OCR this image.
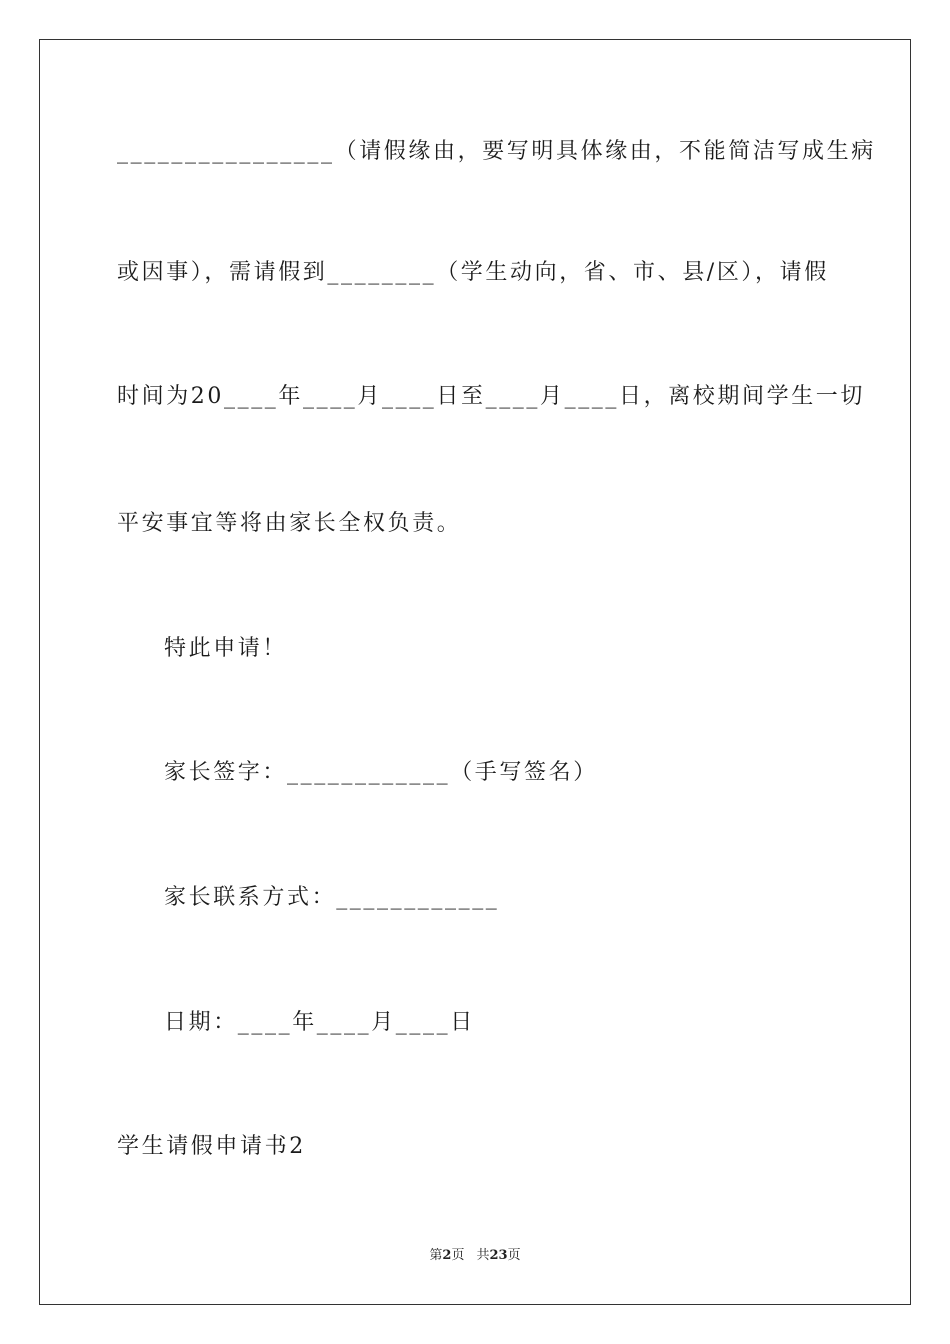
________________（请假缘由，要写明具体缘由，不能简洁写成生病
或因事），需请假到________（学生动向，省、市、县/区），请假
时间为20____年____月____日至____月____日，离校期间学生一切
平安事宜等将由家长全权负责。
特此申请！
家长签字：____________（手写签名）
家长联系方式：____________
日期：____年____月____日
学生请假申请书2
第2页 共23页
